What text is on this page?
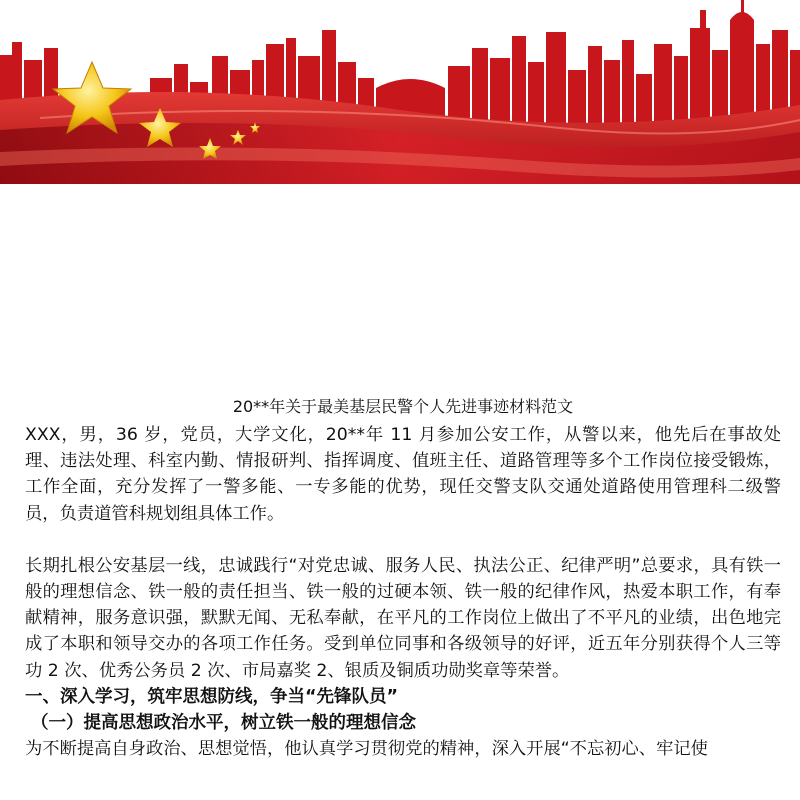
20**年关于最美基层民警个人先进事迹材料范文

XXX，男，36 岁，党员，大学文化，20**年 11 月参加公安工作，从警以来，他先后在事故处理、违法处理、科室内勤、情报研判、指挥调度、值班主任、道路管理等多个工作岗位接受锻炼，工作全面，充分发挥了一警多能、一专多能的优势，现任交警支队交通处道路使用管理科二级警员，负责道管科规划组具体工作。

长期扎根公安基层一线，忠诚践行“对党忠诚、服务人民、执法公正、纪律严明”总要求，具有铁一般的理想信念、铁一般的责任担当、铁一般的过硬本领、铁一般的纪律作风，热爱本职工作，有奉献精神，服务意识强，默默无闻、无私奉献，在平凡的工作岗位上做出了不平凡的业绩，出色地完成了本职和领导交办的各项工作任务。受到单位同事和各级领导的好评，近五年分别获得个人三等功 2 次、优秀公务员 2 次、市局嘉奖 2、银质及铜质功勋奖章等荣誉。

一、深入学习，筑牢思想防线，争当“先锋队员”

（一）提高思想政治水平，树立铁一般的理想信念

为不断提高自身政治、思想觉悟，他认真学习贯彻党的精神，深入开展“不忘初心、牢记使
